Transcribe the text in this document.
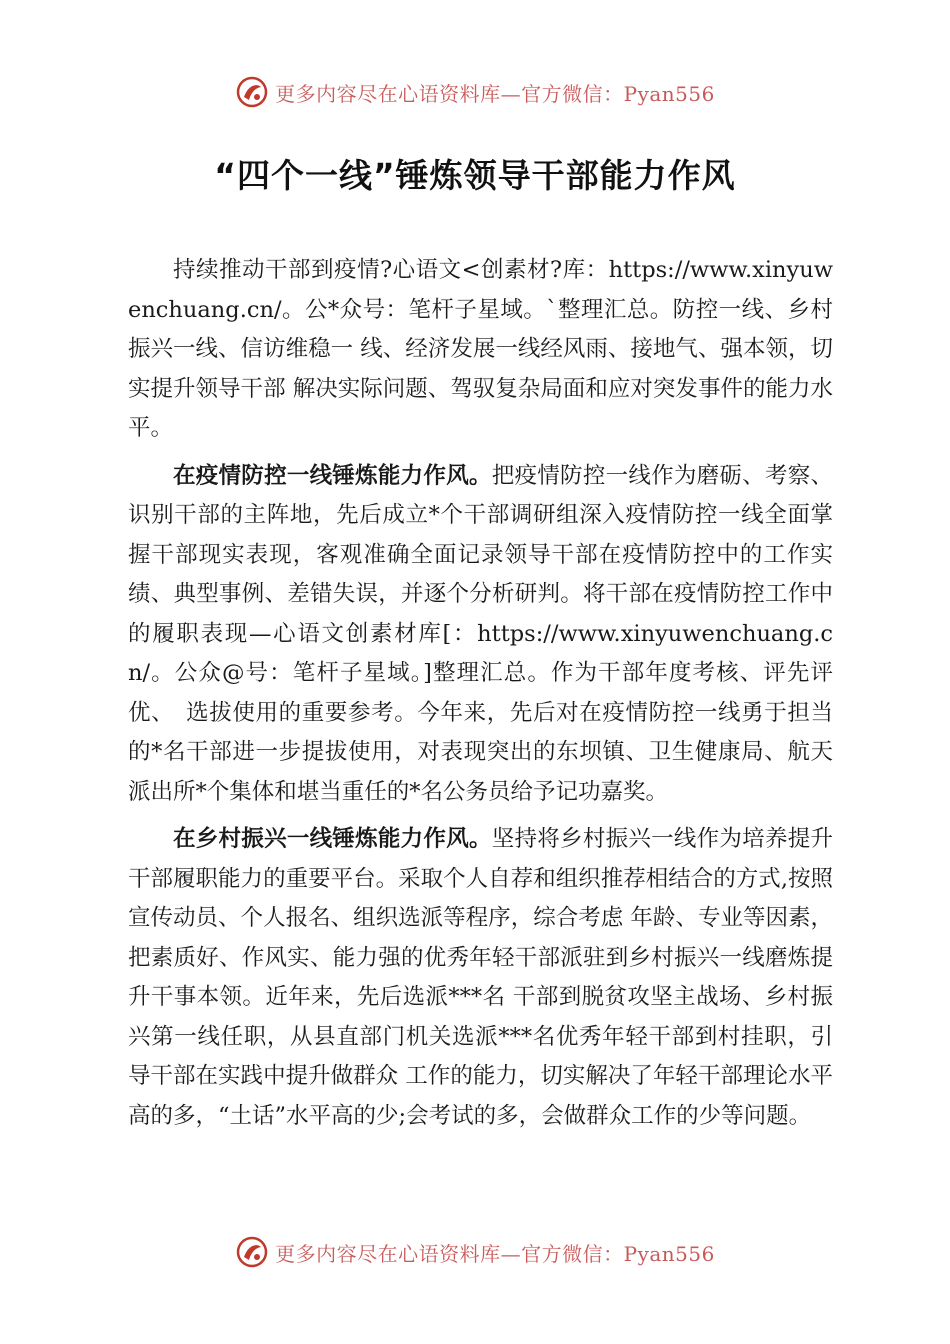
更多内容尽在心语资料库—官方微信：Pyan556
“四个一线”锤炼领导干部能力作风

持续推动干部到疫情?心语文<创素材?库：https://www.xinyuwenchuang.cn/。公*众号：笔杆子星域。`整理汇总。防控一线、乡村振兴一线、信访维稳一 线、经济发展一线经风雨、接地气、强本领，切实提升领导干部 解决实际问题、驾驭复杂局面和应对突发事件的能力水平。

在疫情防控一线锤炼能力作风。把疫情防控一线作为磨砺、考察、识别干部的主阵地，先后成立*个干部调研组深入疫情防控一线全面掌握干部现实表现，客观准确全面记录领导干部在疫情防控中的工作实绩、典型事例、差错失误，并逐个分析研判。将干部在疫情防控工作中的履职表现—心语文创素材库[：https://www.xinyuwenchuang.cn/。公众@号：笔杆子星域。]整理汇总。作为干部年度考核、评先评优、　选拔使用的重要参考。今年来，先后对在疫情防控一线勇于担当的*名干部进一步提拔使用，对表现突出的东坝镇、卫生健康局、航天派出所*个集体和堪当重任的*名公务员给予记功嘉奖。

在乡村振兴一线锤炼能力作风。坚持将乡村振兴一线作为培养提升干部履职能力的重要平台。采取个人自荐和组织推荐相结合的方式,按照宣传动员、个人报名、组织选派等程序，综合考虑 年龄、专业等因素，把素质好、作风实、能力强的优秀年轻干部派驻到乡村振兴一线磨炼提升干事本领。近年来，先后选派***名 干部到脱贫攻坚主战场、乡村振兴第一线任职，从县直部门机关选派***名优秀年轻干部到村挂职，引导干部在实践中提升做群众 工作的能力，切实解决了年轻干部理论水平高的多，“土话”水平高的少;会考试的多，会做群众工作的少等问题。

更多内容尽在心语资料库—官方微信：Pyan556
